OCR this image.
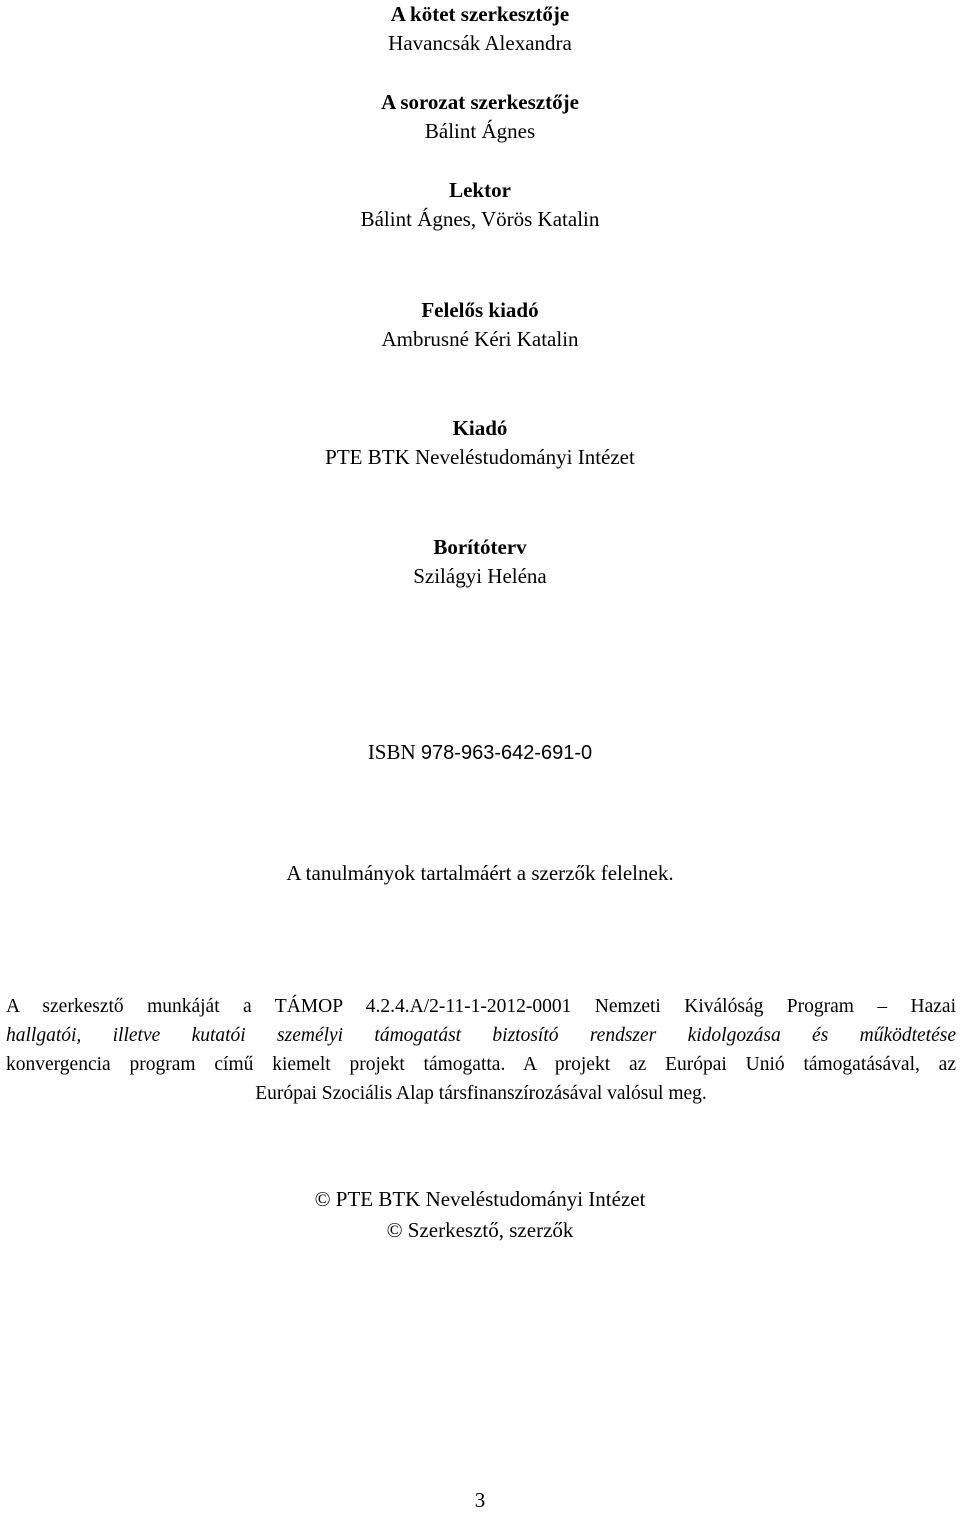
A kötet szerkesztője
Havancsák Alexandra
A sorozat szerkesztője
Bálint Ágnes
Lektor
Bálint Ágnes, Vörös Katalin
Felelős kiadó
Ambrusné Kéri Katalin
Kiadó
PTE BTK Neveléstudományi Intézet
Borítóterv
Szilágyi Heléna
ISBN 978-963-642-691-0
A tanulmányok tartalmáért a szerzők felelnek.
A szerkesztő munkáját a TÁMOP 4.2.4.A/2-11-1-2012-0001 Nemzeti Kiválóság Program – Hazai
hallgatói, illetve kutatói személyi támogatást biztosító rendszer kidolgozása és működtetése
konvergencia program című kiemelt projekt támogatta. A projekt az Európai Unió támogatásával, az
Európai Szociális Alap társfinanszírozásával valósul meg.
© PTE BTK Neveléstudományi Intézet
© Szerkesztő, szerzők
3
